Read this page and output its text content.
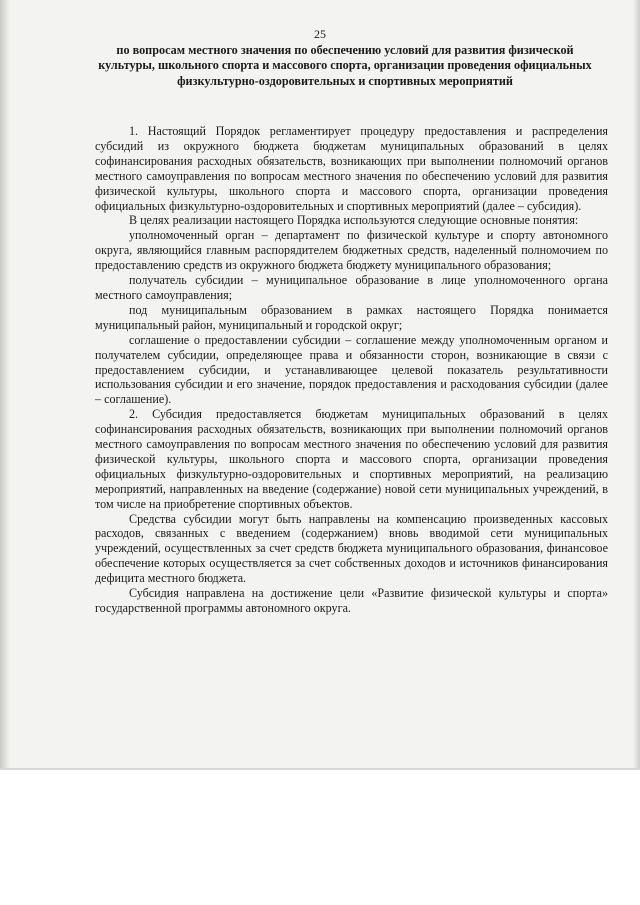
25
по вопросам местного значения по обеспечению условий для развития физической культуры, школьного спорта и массового спорта, организации проведения официальных физкультурно-оздоровительных и спортивных мероприятий

1. Настоящий Порядок регламентирует процедуру предоставления и распределения субсидий из окружного бюджета бюджетам муниципальных образований в целях софинансирования расходных обязательств, возникающих при выполнении полномочий органов местного самоуправления по вопросам местного значения по обеспечению условий для развития физической культуры, школьного спорта и массового спорта, организации проведения официальных физкультурно-оздоровительных и спортивных мероприятий (далее – субсидия).

В целях реализации настоящего Порядка используются следующие основные понятия:

уполномоченный орган – департамент по физической культуре и спорту автономного округа, являющийся главным распорядителем бюджетных средств, наделенный полномочием по предоставлению средств из окружного бюджета бюджету муниципального образования;

получатель субсидии – муниципальное образование в лице уполномоченного органа местного самоуправления;

под муниципальным образованием в рамках настоящего Порядка понимается муниципальный район, муниципальный и городской округ;

соглашение о предоставлении субсидии – соглашение между уполномоченным органом и получателем субсидии, определяющее права и обязанности сторон, возникающие в связи с предоставлением субсидии, и устанавливающее целевой показатель результативности использования субсидии и его значение, порядок предоставления и расходования субсидии (далее – соглашение).

2. Субсидия предоставляется бюджетам муниципальных образований в целях софинансирования расходных обязательств, возникающих при выполнении полномочий органов местного самоуправления по вопросам местного значения по обеспечению условий для развития физической культуры, школьного спорта и массового спорта, организации проведения официальных физкультурно-оздоровительных и спортивных мероприятий, на реализацию мероприятий, направленных на введение (содержание) новой сети муниципальных учреждений, в том числе на приобретение спортивных объектов.

Средства субсидии могут быть направлены на компенсацию произведенных кассовых расходов, связанных с введением (содержанием) вновь вводимой сети муниципальных учреждений, осуществленных за счет средств бюджета муниципального образования, финансовое обеспечение которых осуществляется за счет собственных доходов и источников финансирования дефицита местного бюджета.

Субсидия направлена на достижение цели «Развитие физической культуры и спорта» государственной программы автономного округа.
